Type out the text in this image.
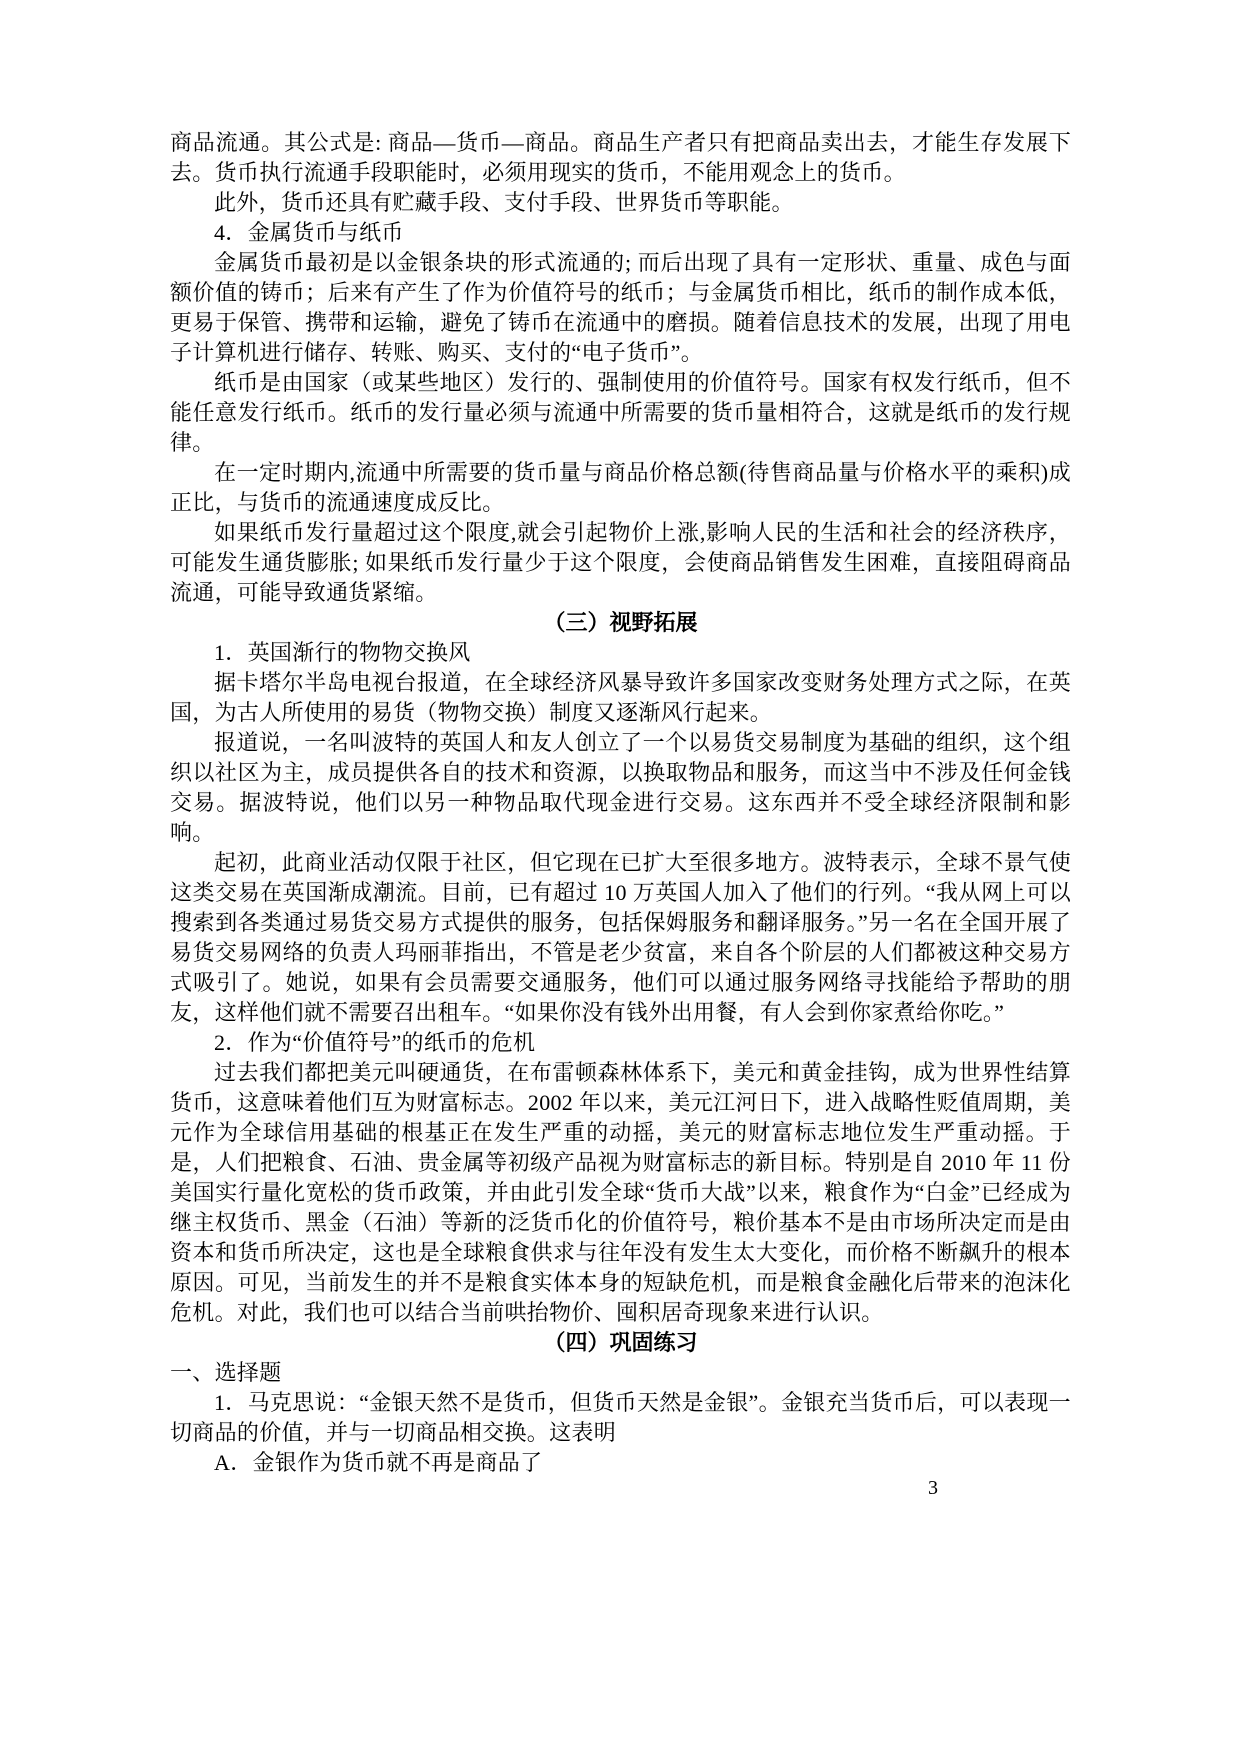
商品流通。其公式是: 商品—货币—商品。商品生产者只有把商品卖出去，才能生存发展下去。货币执行流通手段职能时，必须用现实的货币，不能用观念上的货币。

此外，货币还具有贮藏手段、支付手段、世界货币等职能。

4．金属货币与纸币

金属货币最初是以金银条块的形式流通的; 而后出现了具有一定形状、重量、成色与面额价值的铸币；后来有产生了作为价值符号的纸币；与金属货币相比，纸币的制作成本低，更易于保管、携带和运输，避免了铸币在流通中的磨损。随着信息技术的发展，出现了用电子计算机进行储存、转账、购买、支付的“电子货币”。

纸币是由国家（或某些地区）发行的、强制使用的价值符号。国家有权发行纸币，但不能任意发行纸币。纸币的发行量必须与流通中所需要的货币量相符合，这就是纸币的发行规律。

在一定时期内,流通中所需要的货币量与商品价格总额(待售商品量与价格水平的乘积)成正比，与货币的流通速度成反比。

如果纸币发行量超过这个限度,就会引起物价上涨,影响人民的生活和社会的经济秩序，可能发生通货膨胀; 如果纸币发行量少于这个限度，会使商品销售发生困难，直接阻碍商品流通，可能导致通货紧缩。

（三）视野拓展

1．英国渐行的物物交换风

据卡塔尔半岛电视台报道，在全球经济风暴导致许多国家改变财务处理方式之际，在英国，为古人所使用的易货（物物交换）制度又逐渐风行起来。

报道说，一名叫波特的英国人和友人创立了一个以易货交易制度为基础的组织，这个组织以社区为主，成员提供各自的技术和资源，以换取物品和服务，而这当中不涉及任何金钱交易。据波特说，他们以另一种物品取代现金进行交易。这东西并不受全球经济限制和影响。

起初，此商业活动仅限于社区，但它现在已扩大至很多地方。波特表示，全球不景气使这类交易在英国渐成潮流。目前，已有超过 10 万英国人加入了他们的行列。“我从网上可以搜索到各类通过易货交易方式提供的服务，包括保姆服务和翻译服务。”另一名在全国开展了易货交易网络的负责人玛丽菲指出，不管是老少贫富，来自各个阶层的人们都被这种交易方式吸引了。她说，如果有会员需要交通服务，他们可以通过服务网络寻找能给予帮助的朋友，这样他们就不需要召出租车。“如果你没有钱外出用餐，有人会到你家煮给你吃。”

2．作为“价值符号”的纸币的危机

过去我们都把美元叫硬通货，在布雷顿森林体系下，美元和黄金挂钩，成为世界性结算货币，这意味着他们互为财富标志。2002 年以来，美元江河日下，进入战略性贬值周期，美元作为全球信用基础的根基正在发生严重的动摇，美元的财富标志地位发生严重动摇。于是，人们把粮食、石油、贵金属等初级产品视为财富标志的新目标。特别是自 2010 年 11 份美国实行量化宽松的货币政策，并由此引发全球“货币大战”以来，粮食作为“白金”已经成为继主权货币、黑金（石油）等新的泛货币化的价值符号，粮价基本不是由市场所决定而是由资本和货币所决定，这也是全球粮食供求与往年没有发生太大变化，而价格不断飙升的根本原因。可见，当前发生的并不是粮食实体本身的短缺危机，而是粮食金融化后带来的泡沫化危机。对此，我们也可以结合当前哄抬物价、囤积居奇现象来进行认识。

（四）巩固练习

一、选择题

1．马克思说：“金银天然不是货币，但货币天然是金银”。金银充当货币后，可以表现一切商品的价值，并与一切商品相交换。这表明

A．金银作为货币就不再是商品了

3
